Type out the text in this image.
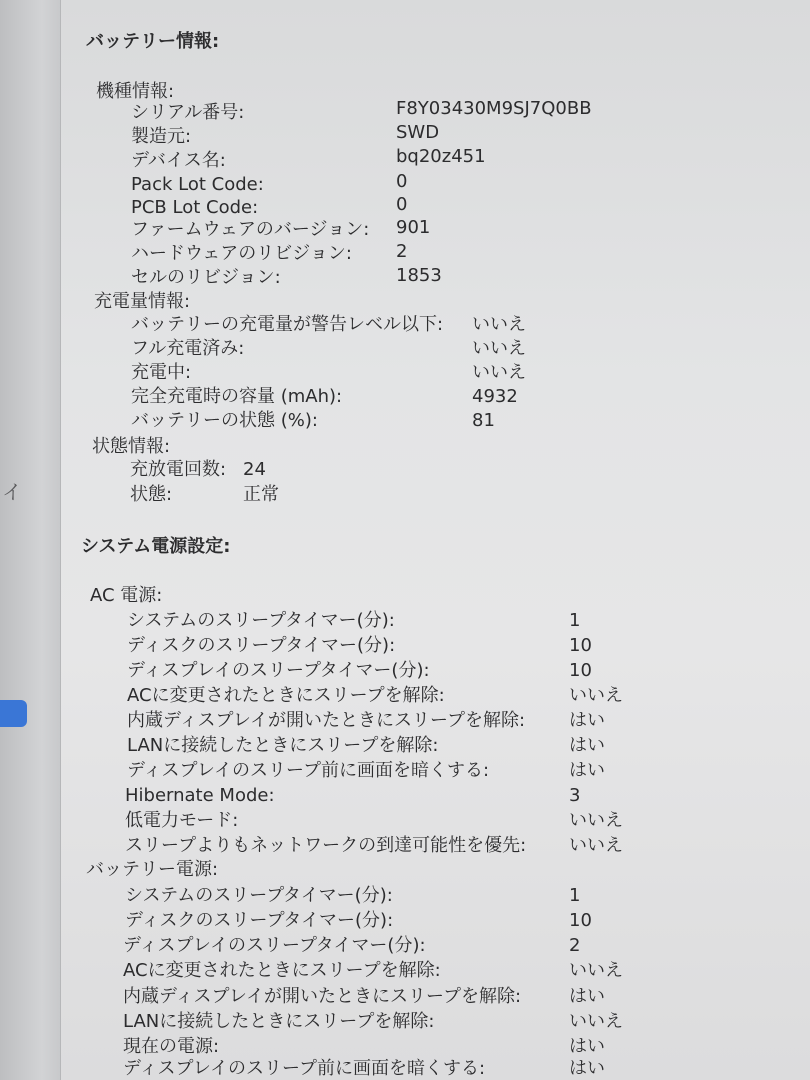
イ
バッテリー情報:
機種情報:
シリアル番号:	F8Y03430M9SJ7Q0BB
製造元:	SWD
デバイス名:	bq20z451
Pack Lot Code:	0
PCB Lot Code:	0
ファームウェアのバージョン: 901
ハードウェアのリビジョン: 2
セルのリビジョン:	1853
充電量情報:
バッテリーの充電量が警告レベル以下: いいえ
フル充電済み:	いいえ
充電中:	いいえ
完全充電時の容量 (mAh):	4932
バッテリーの状態 (%):	81
状態情報:
充放電回数: 24
状態:	正常
システム電源設定:
AC 電源:
システムのスリープタイマー(分):	1
ディスクのスリープタイマー(分):	10
ディスプレイのスリープタイマー(分):	10
ACに変更されたときにスリープを解除:	いいえ
内蔵ディスプレイが開いたときにスリープを解除: はい
LANに接続したときにスリープを解除:	はい
ディスプレイのスリープ前に画面を暗くする:	はい
Hibernate Mode:	3
低電力モード:	いいえ
スリープよりもネットワークの到達可能性を優先: いいえ
バッテリー電源:
システムのスリープタイマー(分):	1
ディスクのスリープタイマー(分):	10
ディスプレイのスリープタイマー(分):	2
ACに変更されたときにスリープを解除:	いいえ
内蔵ディスプレイが開いたときにスリープを解除:	はい
LANに接続したときにスリープを解除:	いいえ
現在の電源:	はい
ディスプレイのスリープ前に画面を暗くする:	はい
